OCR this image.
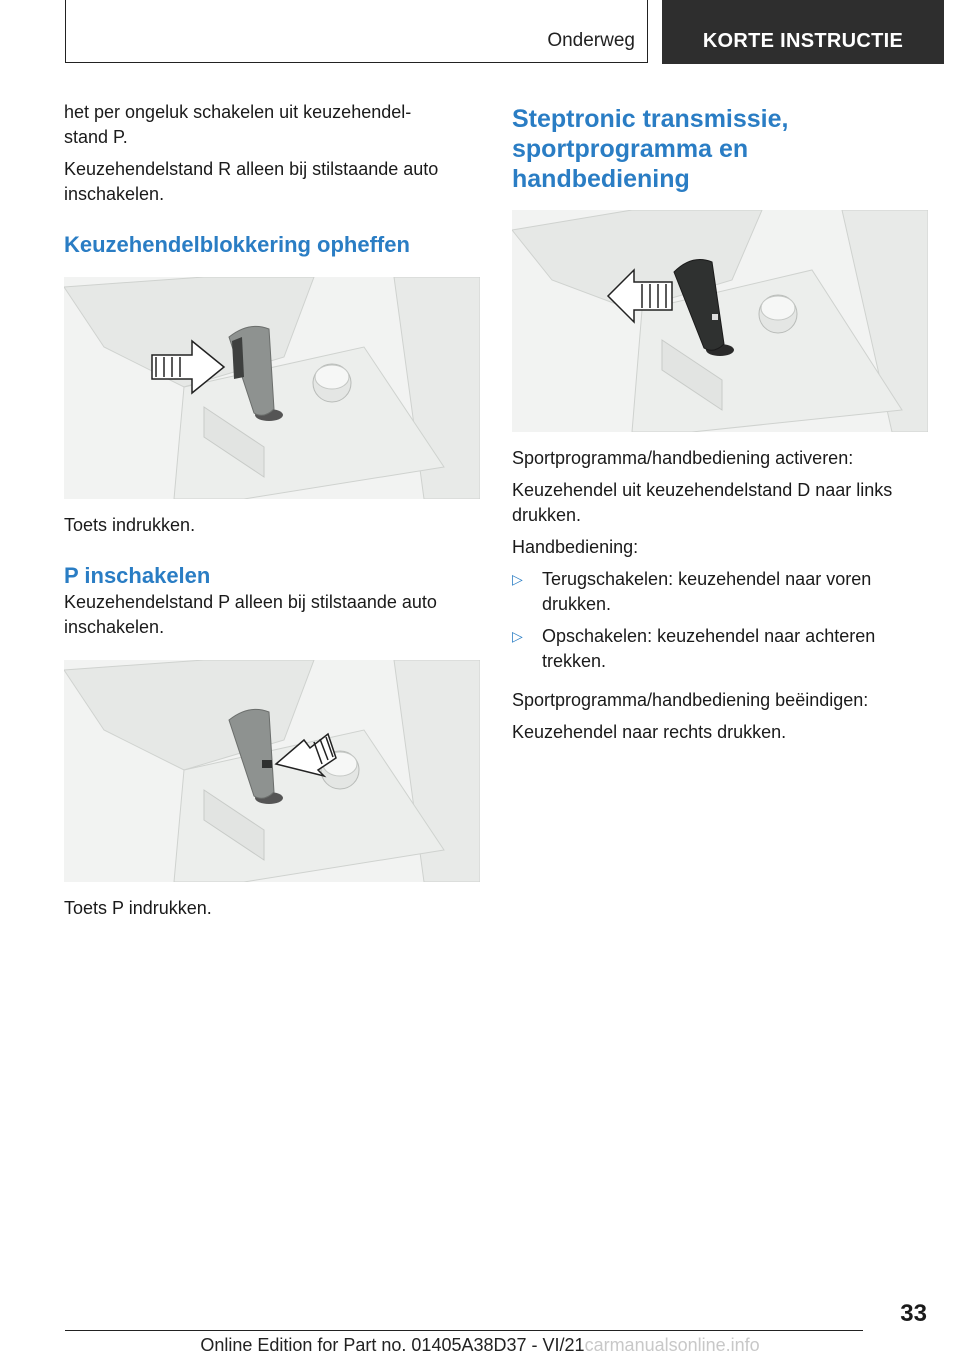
Onderweg	KORTE INSTRUCTIE

het per ongeluk schakelen uit keuzehendel-

stand P.

Keuzehendelstand R alleen bij stilstaande auto inschakelen.

Keuzehendelblokkering opheffen

Toets indrukken.

P inschakelen

Keuzehendelstand P alleen bij stilstaande auto inschakelen.

Toets P indrukken.

Steptronic transmissie, sportprogramma en handbediening

Sportprogramma/handbediening activeren:

Keuzehendel uit keuzehendelstand D naar links drukken.

Handbediening:

▷ Terugschakelen: keuzehendel naar voren drukken.
▷ Opschakelen: keuzehendel naar achteren trekken.

Sportprogramma/handbediening beëindigen:

Keuzehendel naar rechts drukken.

33
Online Edition for Part no. 01405A38D37 - VI/21carmanualsonline.info
